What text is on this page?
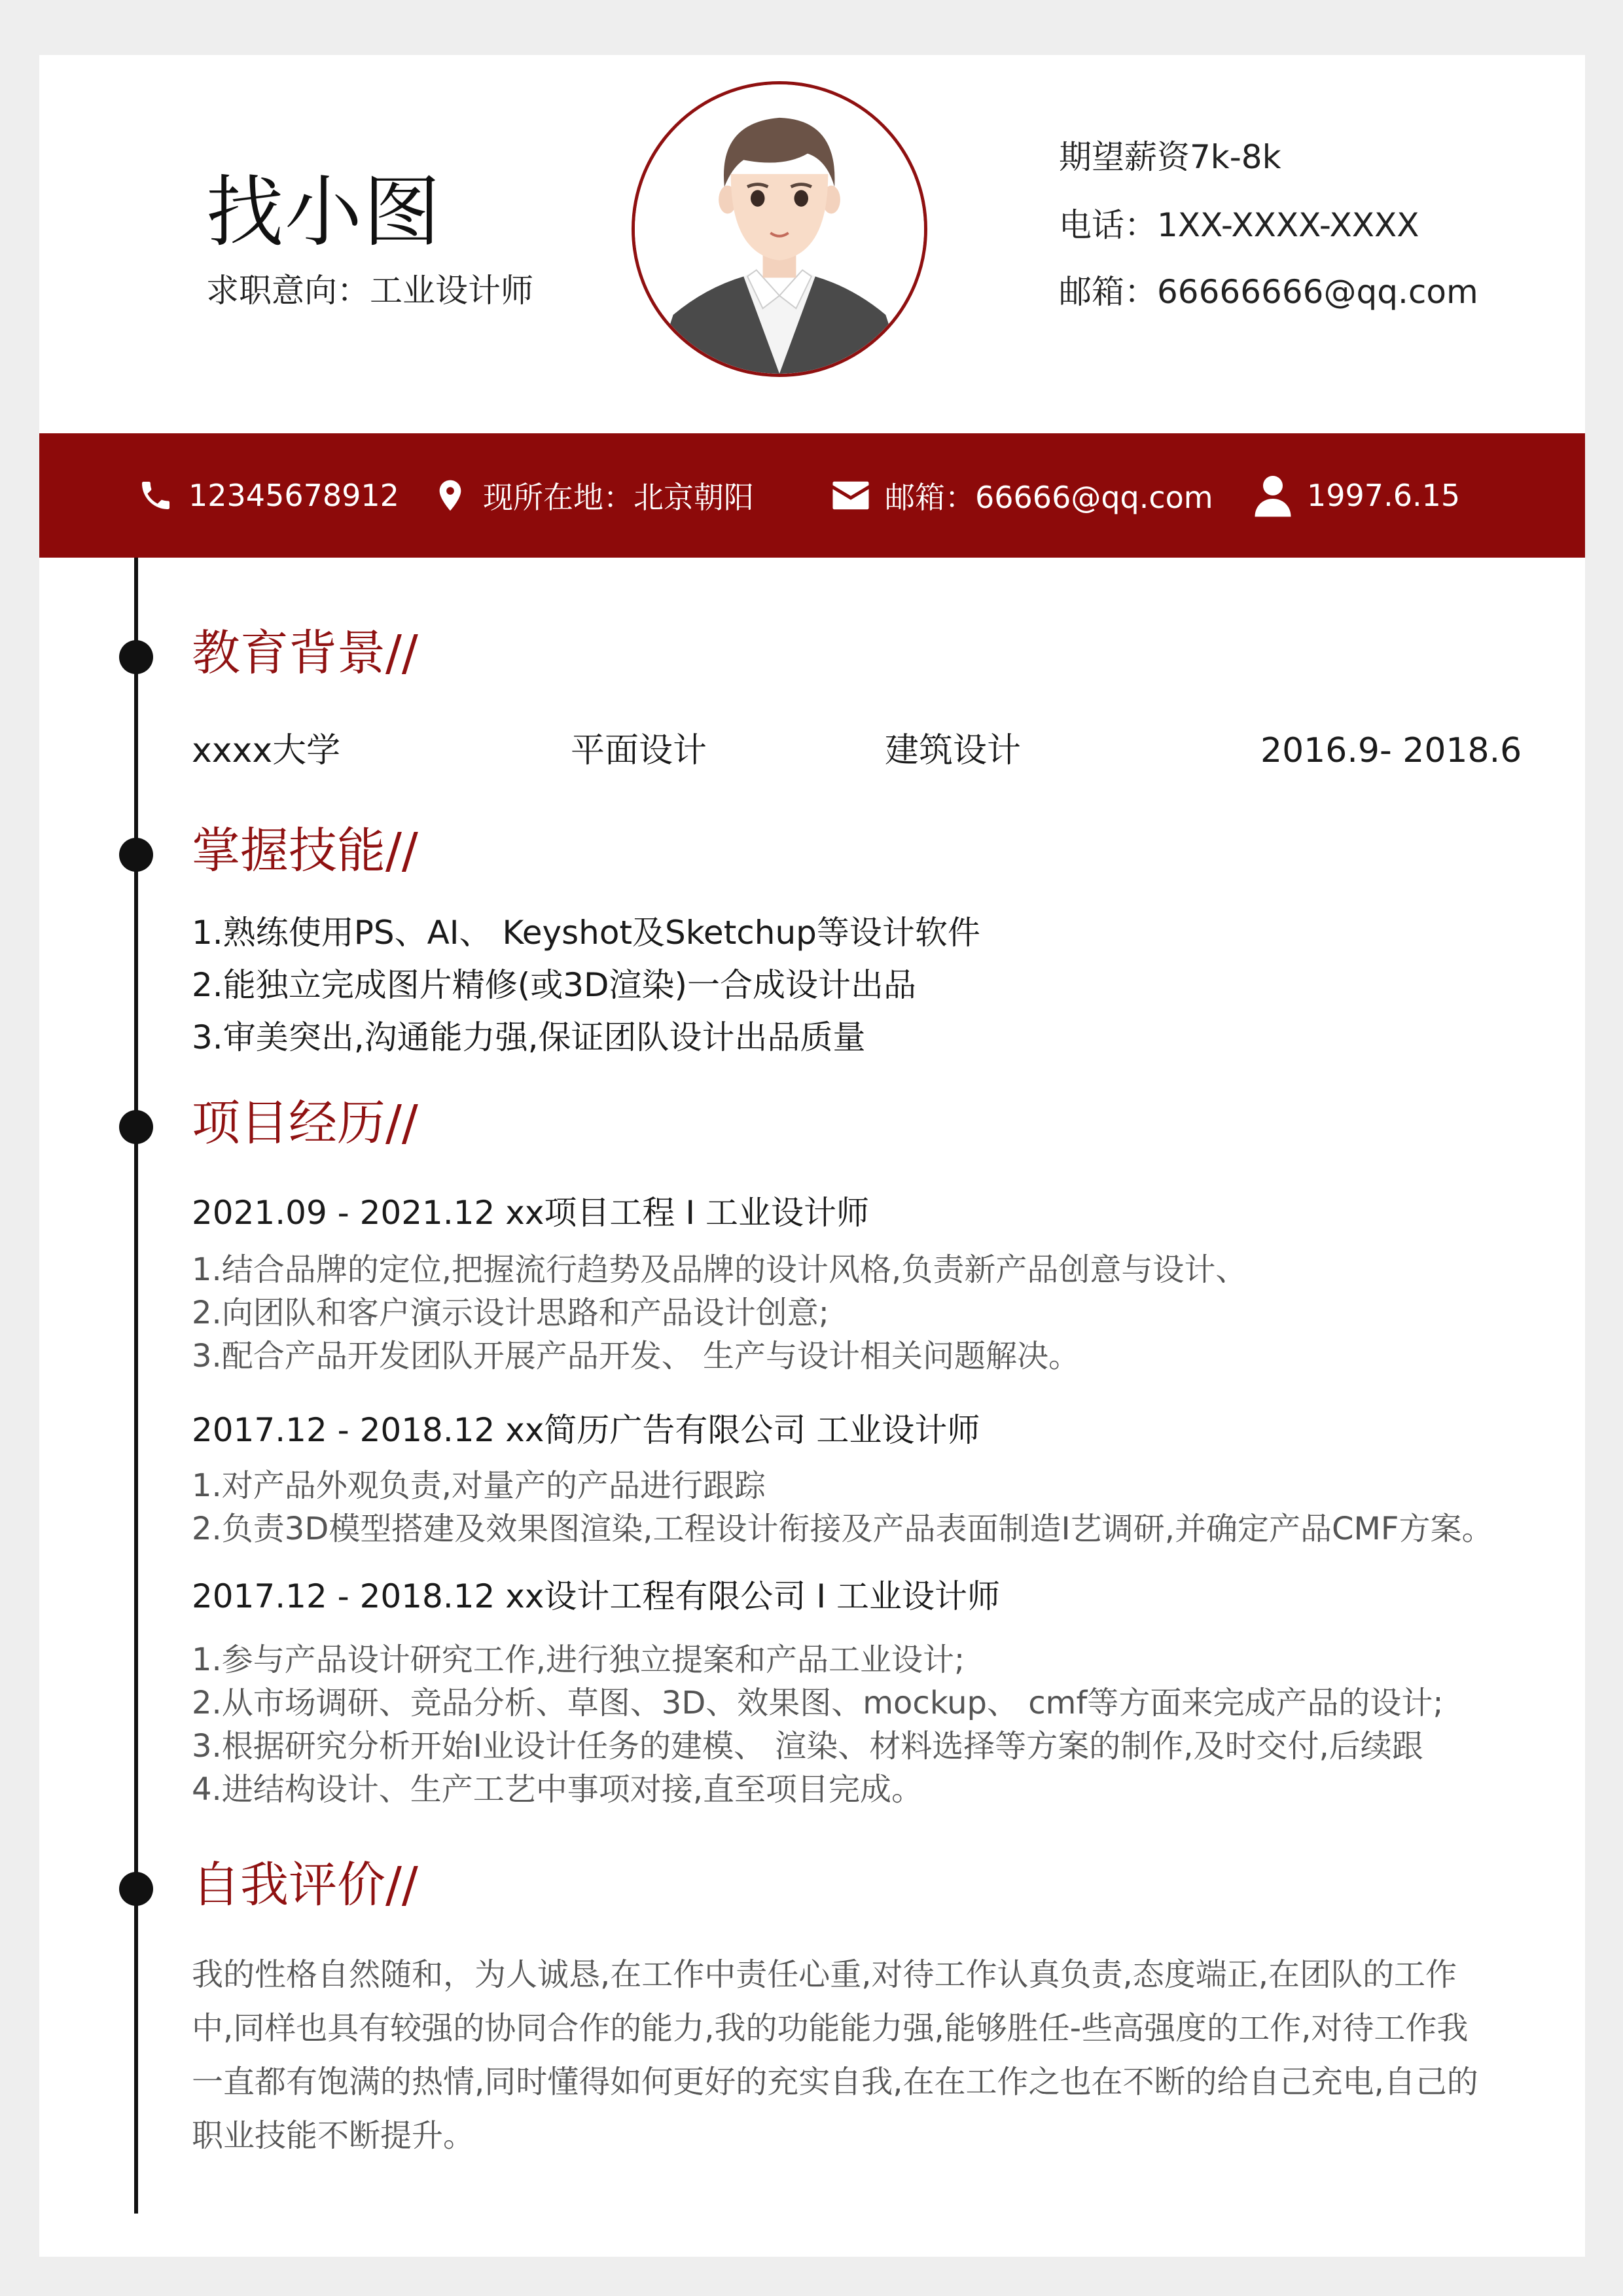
找小图
求职意向：工业设计师
期望薪资7k-8k
电话：1XX-XXXX-XXXX
邮箱：66666666@qq.com
12345678912	现所在地：北京朝阳	邮箱：66666@qq.com	1997.6.15
教育背景//
xxxx大学	平面设计	建筑设计	2016.9- 2018.6
掌握技能//
1.熟练使用PS、AI、 Keyshot及Sketchup等设计软件
2.能独立完成图片精修(或3D渲染)一合成设计出品
3.审美突出,沟通能力强,保证团队设计出品质量
项目经历//
2021.09 - 2021.12 xx项目工程 I 工业设计师
1.结合品牌的定位,把握流行趋势及品牌的设计风格,负责新产品创意与设计、
2.向团队和客户演示设计思路和产品设计创意;
3.配合产品开发团队开展产品开发、 生产与设计相关问题解决。
2017.12 - 2018.12 xx简历广告有限公司 工业设计师
1.对产品外观负责,对量产的产品进行跟踪
2.负责3D模型搭建及效果图渲染,工程设计衔接及产品表面制造I艺调研,并确定产品CMF方案。
2017.12 - 2018.12 xx设计工程有限公司 I 工业设计师
1.参与产品设计研究工作,进行独立提案和产品工业设计;
2.从市场调研、竞品分析、草图、3D、效果图、mockup、 cmf等方面来完成产品的设计;
3.根据研究分析开始I业设计任务的建模、 渲染、材料选择等方案的制作,及时交付,后续跟
4.进结构设计、生产工艺中事项对接,直至项目完成。
自我评价//
我的性格自然随和，为人诚恳,在工作中责任心重,对待工作认真负责,态度端正,在团队的工作
中,同样也具有较强的协同合作的能力,我的功能能力强,能够胜任-些高强度的工作,对待工作我
一直都有饱满的热情,同时懂得如何更好的充实自我,在在工作之也在不断的给自己充电,自己的
职业技能不断提升。
